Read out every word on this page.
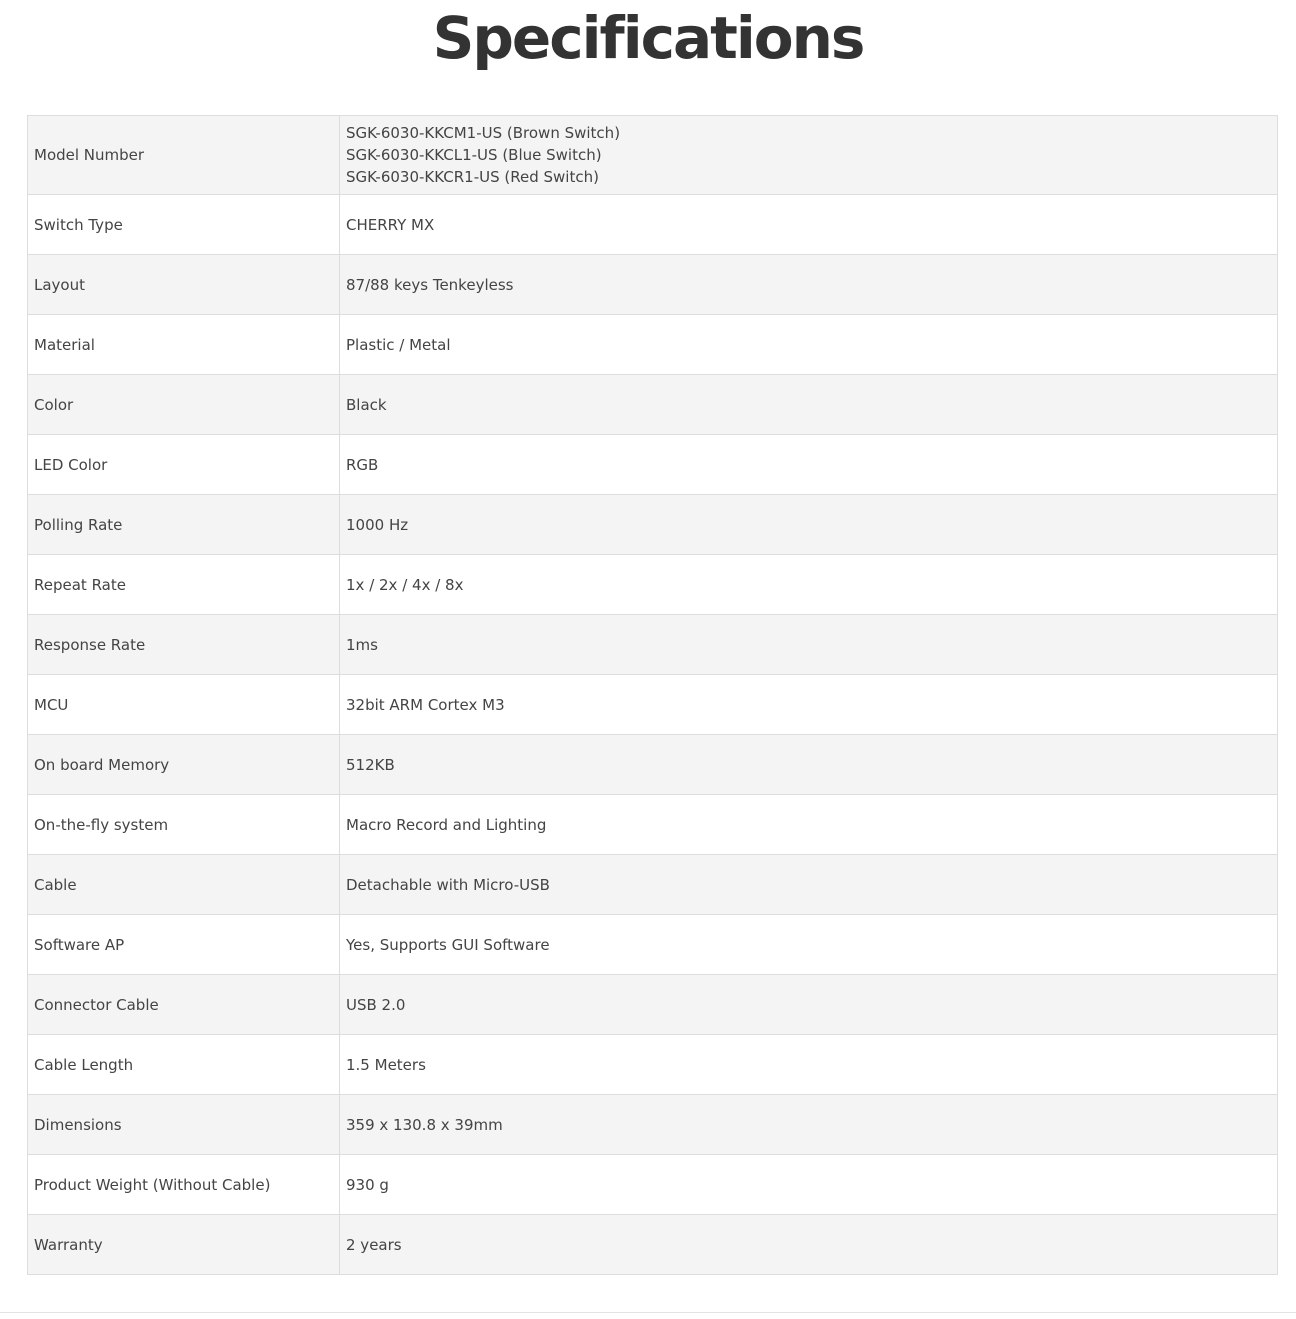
Specifications
Model Number	SGK-6030-KKCM1-US (Brown Switch)
SGK-6030-KKCL1-US (Blue Switch)
SGK-6030-KKCR1-US (Red Switch)

Switch Type	CHERRY MX

Layout	87/88 keys Tenkeyless

Material	Plastic / Metal

Color	Black

LED Color	RGB

Polling Rate	1000 Hz

Repeat Rate	1x / 2x / 4x / 8x

Response Rate	1ms

MCU	32bit ARM Cortex M3

On board Memory	512KB

On-the-fly system	Macro Record and Lighting

Cable	Detachable with Micro-USB

Software AP	Yes, Supports GUI Software

Connector Cable	USB 2.0

Cable Length	1.5 Meters

Dimensions	359 x 130.8 x 39mm

Product Weight (Without Cable)	930 g

Warranty	2 years
